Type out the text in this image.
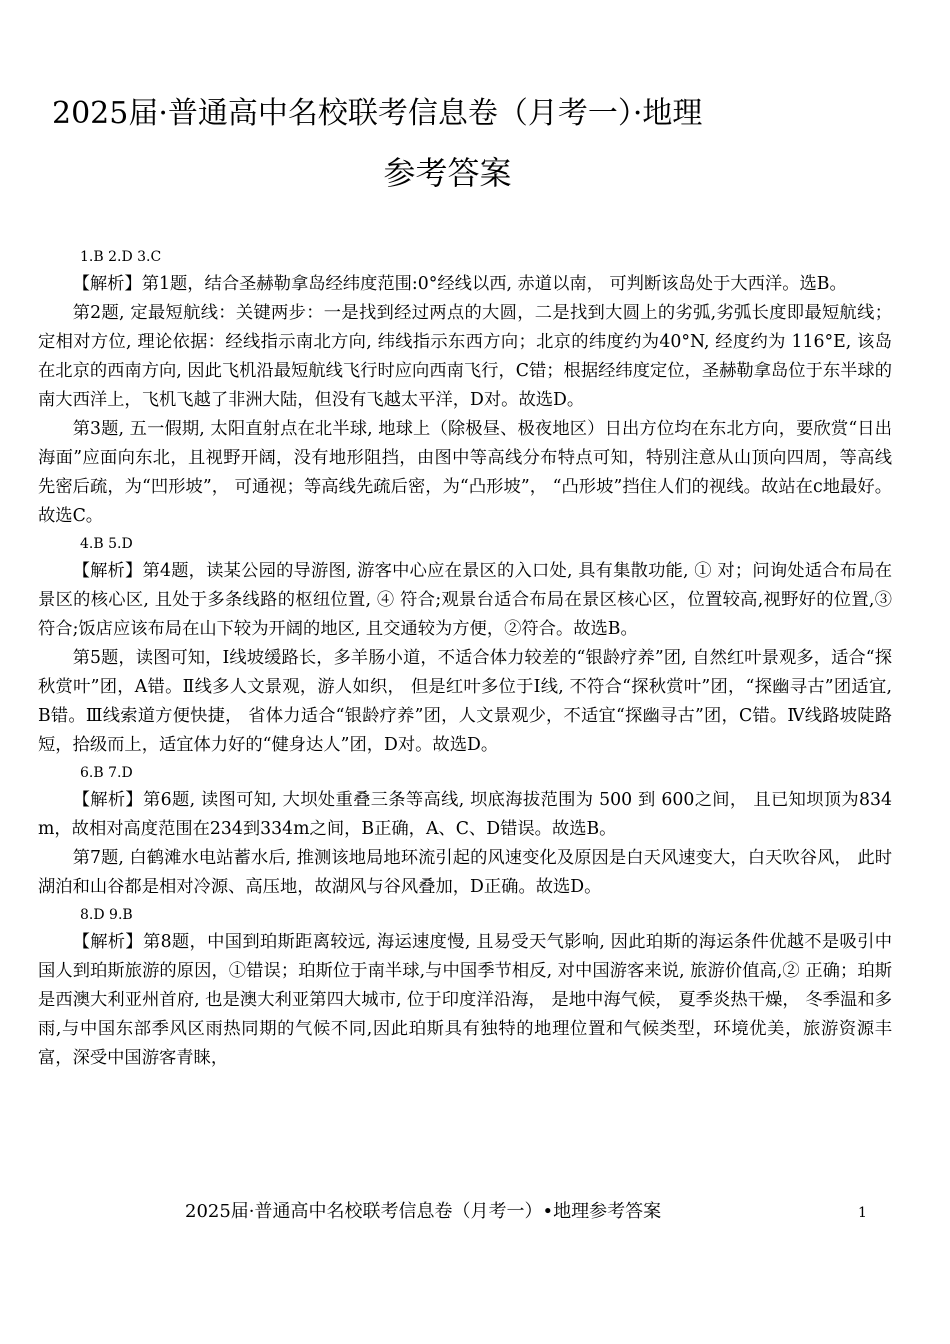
2025届·普通高中名校联考信息卷（月考一）·地理
参考答案
1.B 2.D 3.C

【解析】第1题，结合圣赫勒拿岛经纬度范围:0°经线以西, 赤道以南， 可判断该岛处于大西洋。选B。

第2题, 定最短航线：关键两步：一是找到经过两点的大圆，二是找到大圆上的劣弧,劣弧长度即最短航线；定相对方位, 理论依据：经线指示南北方向, 纬线指示东西方向；北京的纬度约为40°N, 经度约为 116°E, 该岛在北京的西南方向, 因此飞机沿最短航线飞行时应向西南飞行，C错；根据经纬度定位，圣赫勒拿岛位于东半球的南大西洋上，飞机飞越了非洲大陆，但没有飞越太平洋，D对。故选D。

第3题, 五一假期, 太阳直射点在北半球, 地球上（除极昼、极夜地区）日出方位均在东北方向，要欣赏“日出海面”应面向东北，且视野开阔，没有地形阻挡，由图中等高线分布特点可知，特别注意从山顶向四周，等高线先密后疏，为“凹形坡”， 可通视；等高线先疏后密，为“凸形坡”， “凸形坡”挡住人们的视线。故站在c地最好。故选C。

4.B 5.D

【解析】第4题，读某公园的导游图, 游客中心应在景区的入口处, 具有集散功能, ① 对；问询处适合布局在景区的核心区, 且处于多条线路的枢纽位置, ④ 符合;观景台适合布局在景区核心区，位置较高,视野好的位置,③ 符合;饭店应该布局在山下较为开阔的地区, 且交通较为方便，②符合。故选B。

第5题，读图可知，Ⅰ线坡缓路长，多羊肠小道，不适合体力较差的“银龄疗养”团, 自然红叶景观多，适合“探秋赏叶”团，A错。Ⅱ线多人文景观，游人如织， 但是红叶多位于Ⅰ线, 不符合“探秋赏叶”团，“探幽寻古”团适宜, B错。Ⅲ线索道方便快捷， 省体力适合“银龄疗养”团，人文景观少，不适宜“探幽寻古”团，C错。Ⅳ线路坡陡路短，拾级而上，适宜体力好的“健身达人”团，D对。故选D。

6.B 7.D

【解析】第6题, 读图可知, 大坝处重叠三条等高线, 坝底海拔范围为 500 到 600之间， 且已知坝顶为834 m，故相对高度范围在234到334m之间，B正确，A、C、D错误。故选B。

第7题, 白鹤滩水电站蓄水后, 推测该地局地环流引起的风速变化及原因是白天风速变大，白天吹谷风， 此时湖泊和山谷都是相对冷源、高压地，故湖风与谷风叠加，D正确。故选D。

8.D 9.B

【解析】第8题，中国到珀斯距离较远, 海运速度慢, 且易受天气影响, 因此珀斯的海运条件优越不是吸引中国人到珀斯旅游的原因，①错误；珀斯位于南半球,与中国季节相反, 对中国游客来说, 旅游价值高,② 正确；珀斯是西澳大利亚州首府, 也是澳大利亚第四大城市, 位于印度洋沿海， 是地中海气候， 夏季炎热干燥， 冬季温和多雨,与中国东部季风区雨热同期的气候不同,因此珀斯具有独特的地理位置和气候类型，环境优美，旅游资源丰富，深受中国游客青睐，

2025届·普通高中名校联考信息卷（月考一）•地理参考答案	1
